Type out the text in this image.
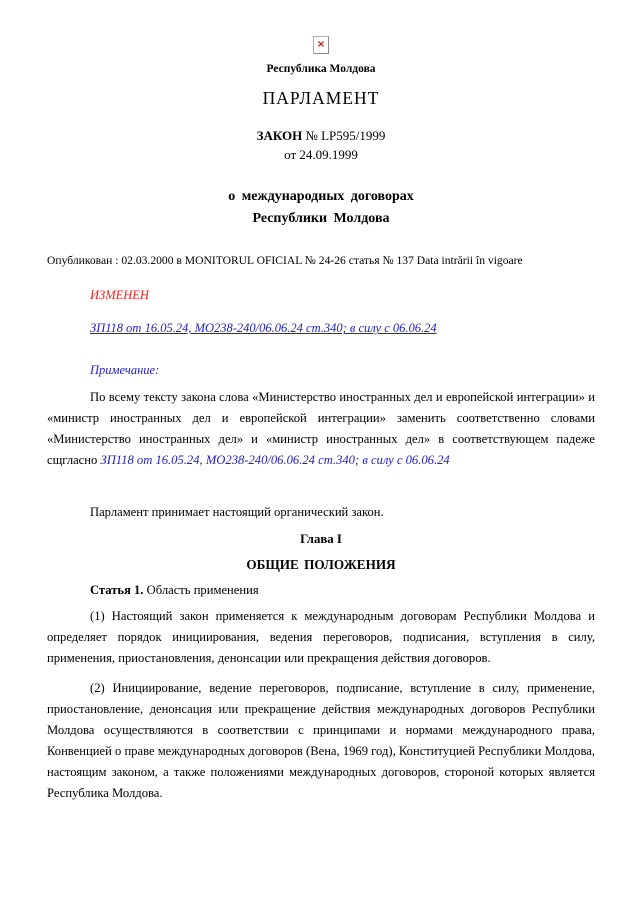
×
Республика Молдова
ПАРЛАМЕНТ
ЗАКОН № LP595/1999
от 24.09.1999
о международных договорах
Республики Молдова
Опубликован : 02.03.2000 в MONITORUL OFICIAL № 24-26 статья № 137 Data intrării în vigoare
ИЗМЕНЕН
ЗП118 от 16.05.24, МО238-240/06.06.24 ст.340; в силу с 06.06.24
Примечание:

По всему тексту закона слова «Министерство иностранных дел и европейской интеграции» и «министр иностранных дел и европейской интеграции» заменить соответственно словами «Министерство иностранных дел» и «министр иностранных дел» в соответствующем падеже сщгласно ЗП118 от 16.05.24, МО238-240/06.06.24 ст.340; в силу с 06.06.24

Парламент принимает настоящий органический закон.

Глава I
ОБЩИЕ ПОЛОЖЕНИЯ
Статья 1. Область применения

(1) Настоящий закон применяется к международным договорам Республики Молдова и определяет порядок инициирования, ведения переговоров, подписания, вступления в силу, применения, приостановления, денонсации или прекращения действия договоров.

(2) Инициирование, ведение переговоров, подписание, вступление в силу, применение, приостановление, денонсация или прекращение действия международных договоров Республики Молдова осуществляются в соответствии с принципами и нормами международного права, Конвенцией о праве международных договоров (Вена, 1969 год), Конституцией Республики Молдова, настоящим законом, а также положениями международных договоров, стороной которых является Республика Молдова.
